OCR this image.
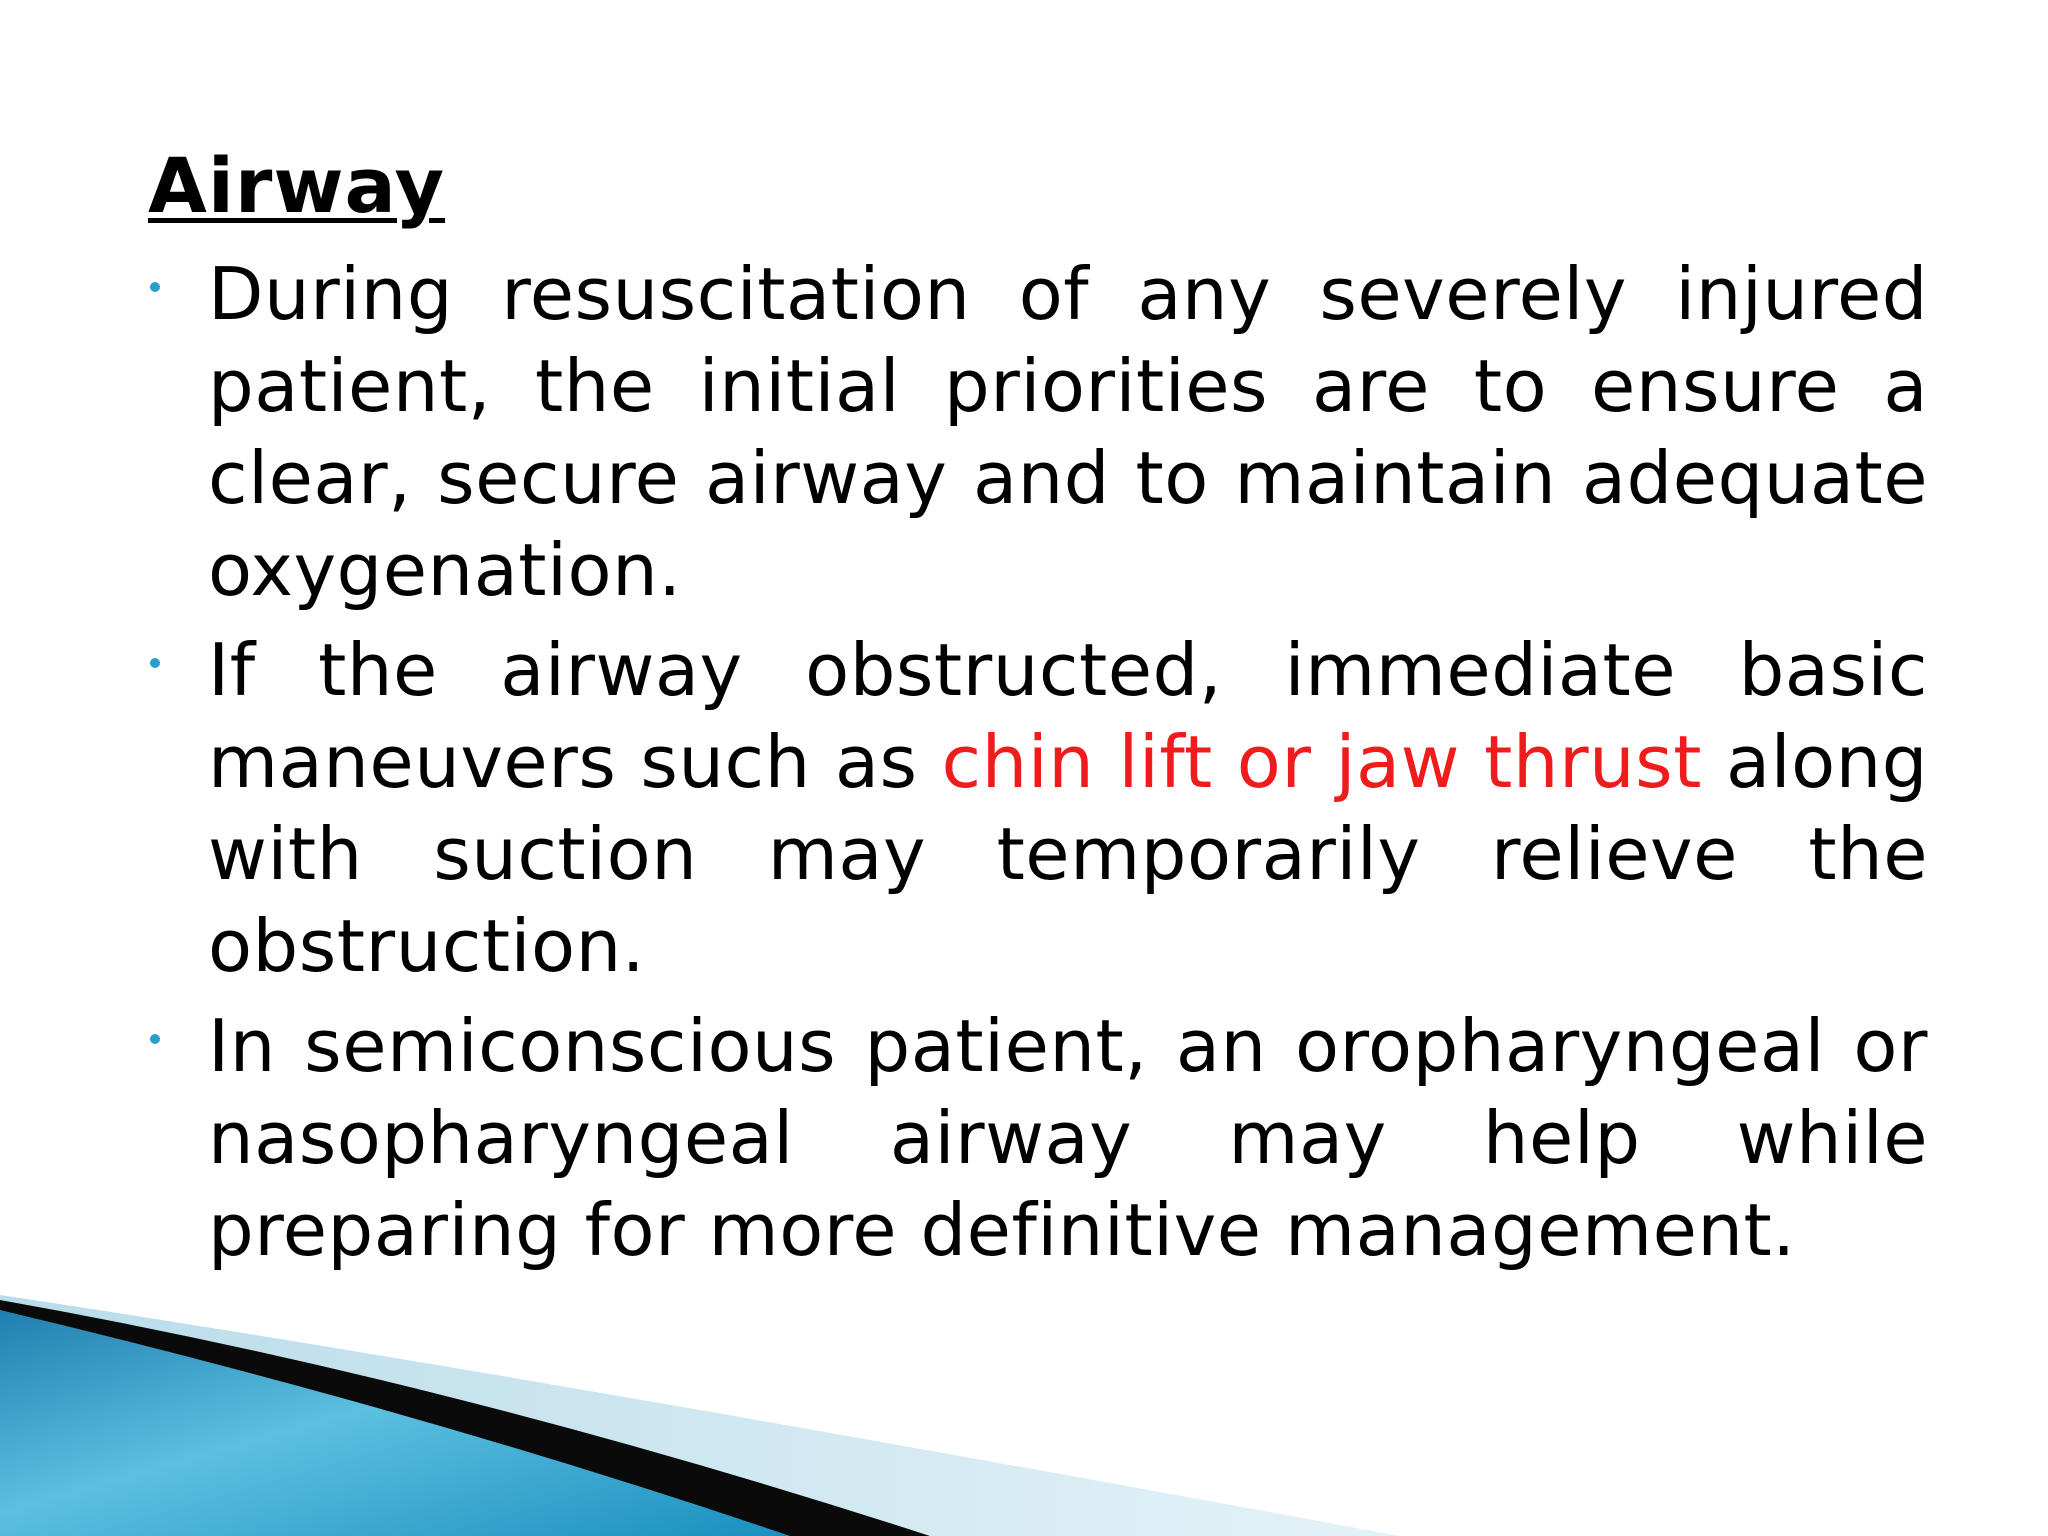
Airway
During resuscitation of any severely injured patient, the initial priorities are to ensure a clear, secure airway and to maintain adequate oxygenation.
If the airway obstructed, immediate basic maneuvers such as chin lift or jaw thrust along with suction may temporarily relieve the obstruction.
In semiconscious patient, an oropharyngeal or nasopharyngeal airway may help while preparing for more definitive management.
